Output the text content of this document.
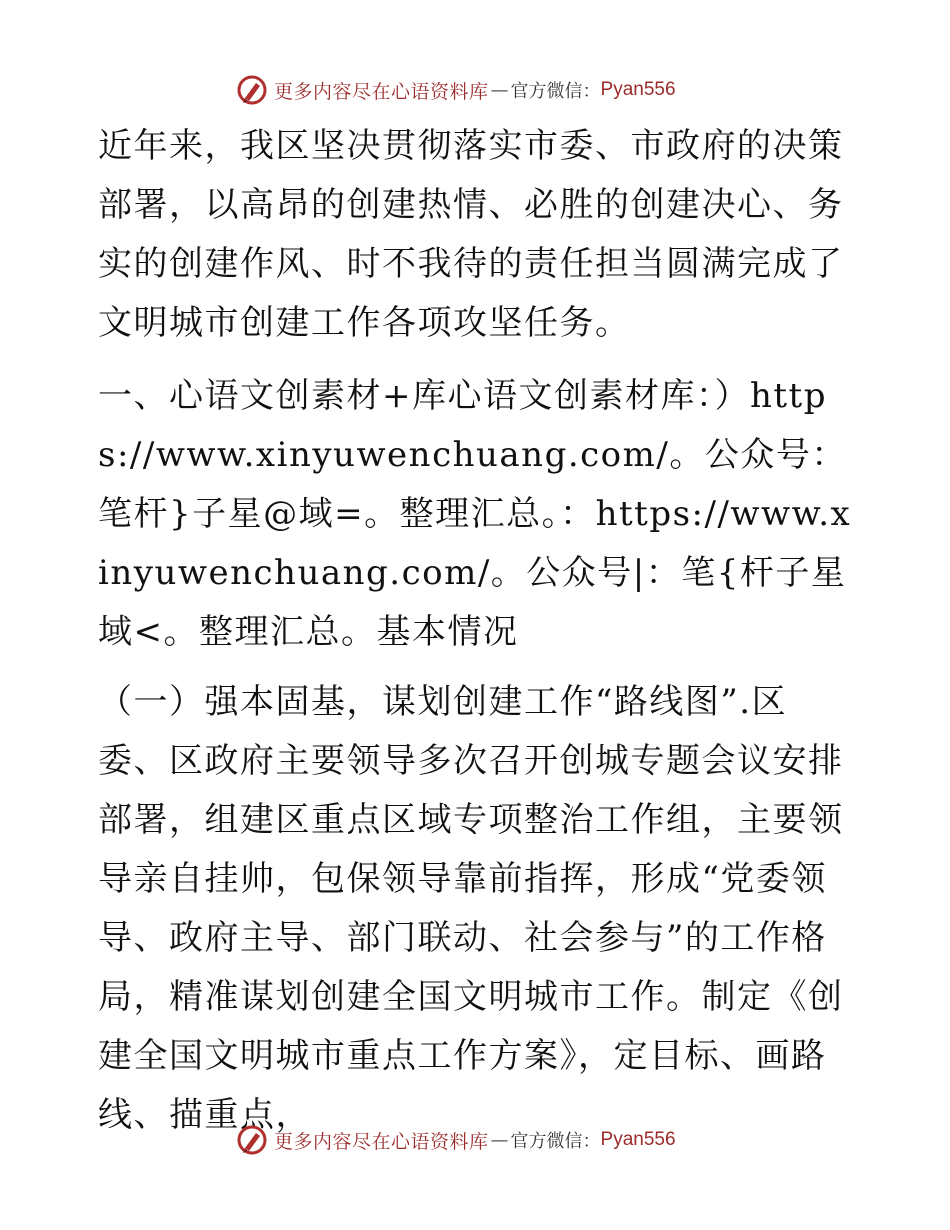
更多内容尽在心语资料库 — 官方微信： Pyan556

近年来，我区坚决贯彻落实市委、市政府的决策部署，以高昂的创建热情、必胜的创建决心、务实的创建作风、时不我待的责任担当圆满完成了文明城市创建工作各项攻坚任务。

一、心语文创素材+库心语文创素材库：）https://www.xinyuwenchuang.com/。公众号：笔杆}子星@域=。整理汇总。：https://www.xinyuwenchuang.com/。公众号|：笔{杆子星域<。整理汇总。基本情况

（一）强本固基，谋划创建工作“路线图”.区委、区政府主要领导多次召开创城专题会议安排部署，组建区重点区域专项整治工作组，主要领导亲自挂帅，包保领导靠前指挥，形成“党委领导、政府主导、部门联动、社会参与”的工作格局，精准谋划创建全国文明城市工作。制定《创建全国文明城市重点工作方案》，定目标、画路线、描重点，

更多内容尽在心语资料库 — 官方微信： Pyan556
